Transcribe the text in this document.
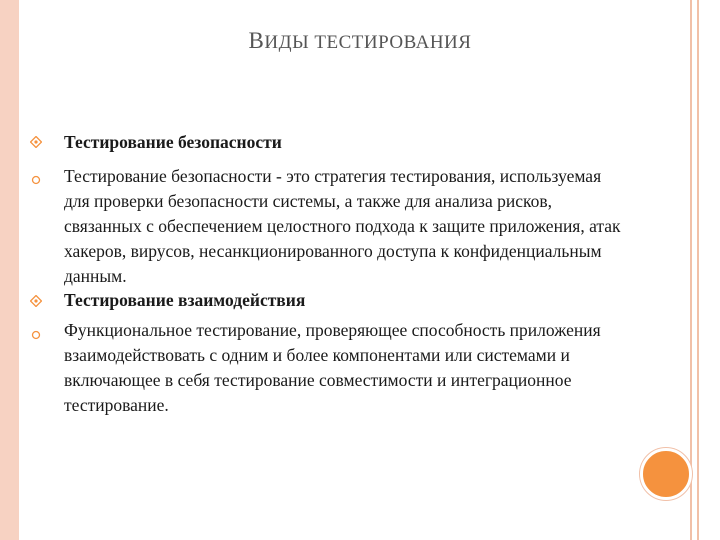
ВИДЫ ТЕСТИРОВАНИЯ
Тестирование безопасности
Тестирование безопасности - это стратегия тестирования, используемая для проверки безопасности системы, а также для анализа рисков, связанных с обеспечением целостного подхода к защите приложения, атак хакеров, вирусов, несанкционированного доступа к конфиденциальным данным.
Тестирование взаимодействия
Функциональное тестирование, проверяющее способность приложения взаимодействовать с одним и более компонентами или системами и включающее в себя тестирование совместимости и интеграционное тестирование.
